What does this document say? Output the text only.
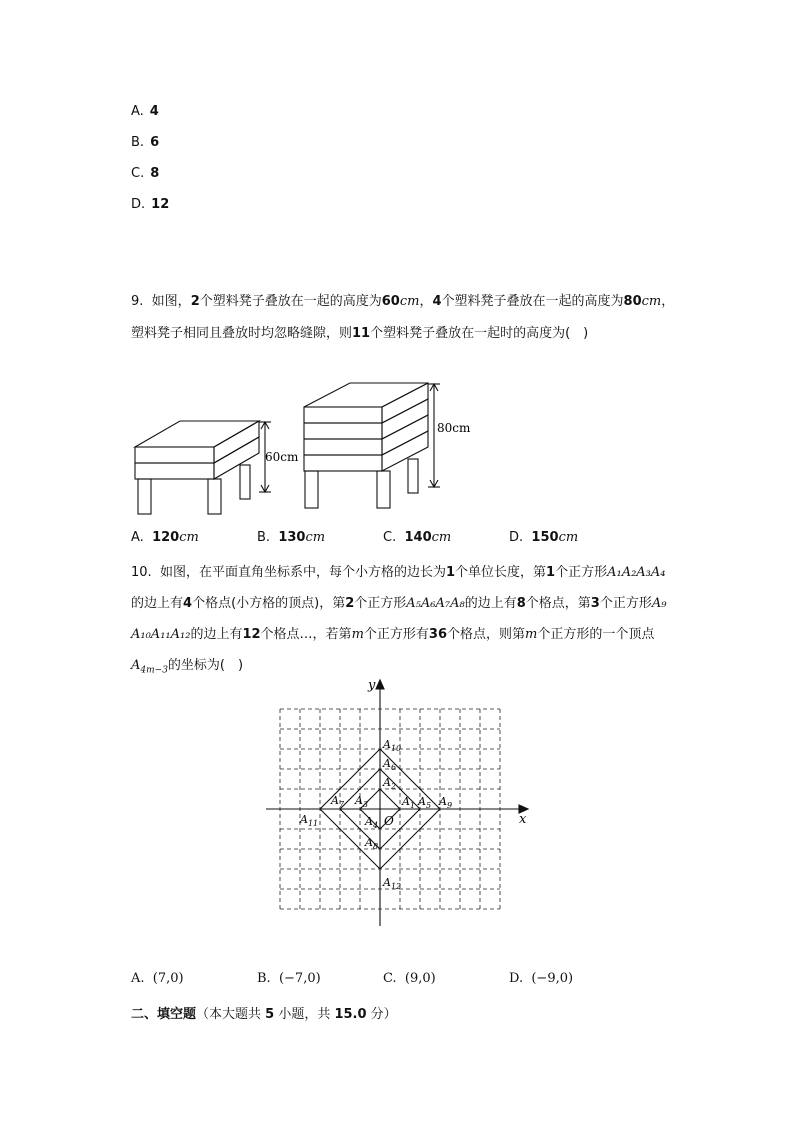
A. 4
B. 6
C. 8
D. 12
9. 如图，2个塑料凳子叠放在一起的高度为60cm，4个塑料凳子叠放在一起的高度为80cm，
塑料凳子相同且叠放时均忽略缝隙，则11个塑料凳子叠放在一起时的高度为(　)
60cm
80cm
A. 120cm	B. 130cm	C. 140cm	D. 150cm
10. 如图，在平面直角坐标系中，每个小方格的边长为1个单位长度，第1个正方形A₁A₂A₃A₄
的边上有4个格点(小方格的顶点)，第2个正方形A₅A₆A₇A₈的边上有8个格点，第3个正方形A₉
A₁₀A₁₁A₁₂的边上有12个格点…，若第m个正方形有36个格点，则第m个正方形的一个顶点
$A_{4m-3}$的坐标为(　)
x
y
O
$A_1$
$A_2$
$A_3$
$A_4$
$A_5$
$A_6$
$A_7$
$A_8$
$A_9$
$A_{10}$
$A_{11}$
$A_{12}$
A. (7,0)	B. (−7,0)	C. (9,0)	D. (−9,0)
二、填空题（本大题共 5 小题，共 15.0 分）
